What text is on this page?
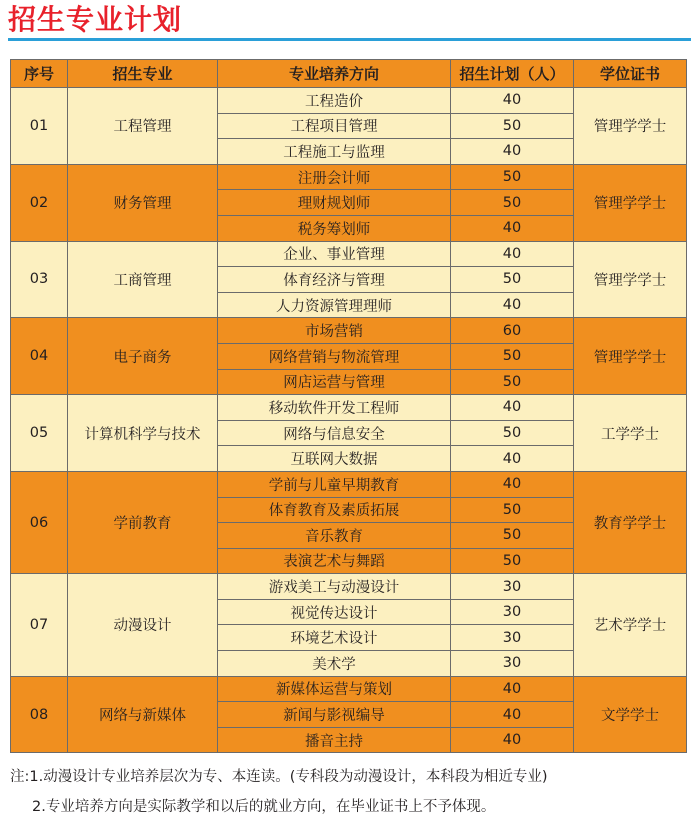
招生专业计划
序号	招生专业	专业培养方向	招生计划（人）	学位证书
01	工程管理	工程造价	40	管理学学士
		工程项目管理	50	
		工程施工与监理	40	
02	财务管理	注册会计师	50	管理学学士
		理财规划师	50	
		税务筹划师	40	
03	工商管理	企业、事业管理	40	管理学学士
		体育经济与管理	50	
		人力资源管理理师	40	
04	电子商务	市场营销	60	管理学学士
		网络营销与物流管理	50	
		网店运营与管理	50	
05	计算机科学与技术	移动软件开发工程师	40	工学学士
		网络与信息安全	50	
		互联网大数据	40	
06	学前教育	学前与儿童早期教育	40	教育学学士
		体育教育及素质拓展	50	
		音乐教育	50	
		表演艺术与舞蹈	50	
07	动漫设计	游戏美工与动漫设计	30	艺术学学士
		视觉传达设计	30	
		环境艺术设计	30	
		美术学	30	
08	网络与新媒体	新媒体运营与策划	40	文学学士
		新闻与影视编导	40	
		播音主持	40	
注:1.动漫设计专业培养层次为专、本连读。(专科段为动漫设计，本科段为相近专业)
2.专业培养方向是实际教学和以后的就业方向，在毕业证书上不予体现。
